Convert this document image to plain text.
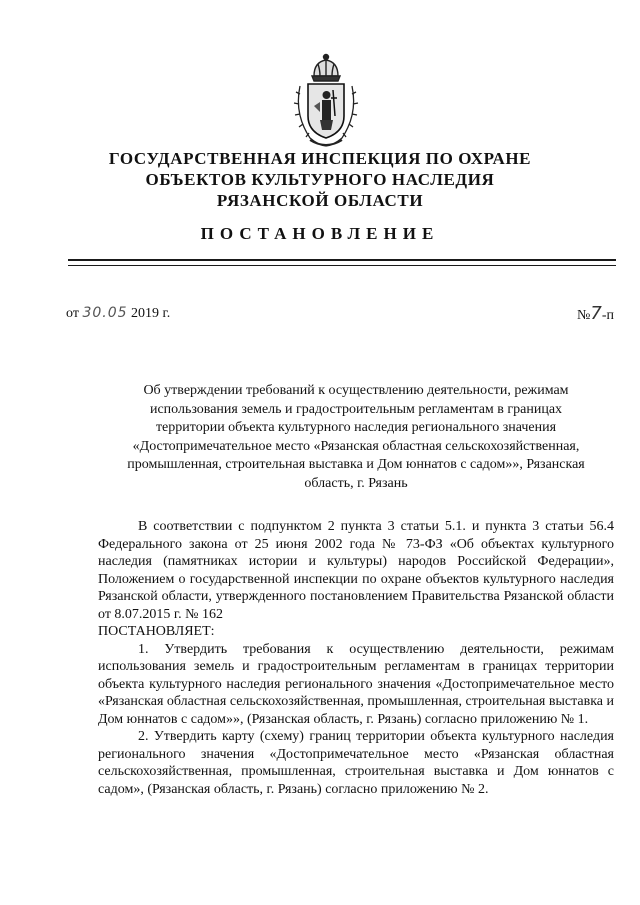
ГОСУДАРСТВЕННАЯ ИНСПЕКЦИЯ ПО ОХРАНЕ
ОБЪЕКТОВ КУЛЬТУРНОГО НАСЛЕДИЯ
РЯЗАНСКОЙ ОБЛАСТИ
ПОСТАНОВЛЕНИЕ
от 30.05 2019 г.	№7-п
Об утверждении требований к осуществлению деятельности, режимам
использования земель и градостроительным регламентам в границах
территории объекта культурного наследия регионального значения
«Достопримечательное место «Рязанская областная сельскохозяйственная,
промышленная, строительная выставка и Дом юннатов с садом»», Рязанская
область, г. Рязань

В соответствии с подпунктом 2 пункта 3 статьи 5.1. и пункта 3 статьи 56.4 Федерального закона от 25 июня 2002 года № 73-ФЗ «Об объектах культурного наследия (памятниках истории и культуры) народов Российской Федерации», Положением о государственной инспекции по охране объектов культурного наследия Рязанской области, утвержденного постановлением Правительства Рязанской области от 8.07.2015 г. № 162

ПОСТАНОВЛЯЕТ:

1. Утвердить требования к осуществлению деятельности, режимам использования земель и градостроительным регламентам в границах территории объекта культурного наследия регионального значения «Достопримечательное место «Рязанская областная сельскохозяйственная, промышленная, строительная выставка и Дом юннатов с садом»», (Рязанская область, г. Рязань) согласно приложению № 1.

2. Утвердить карту (схему) границ территории объекта культурного наследия регионального значения «Достопримечательное место «Рязанская областная сельскохозяйственная, промышленная, строительная выставка и Дом юннатов с садом», (Рязанская область, г. Рязань) согласно приложению № 2.
